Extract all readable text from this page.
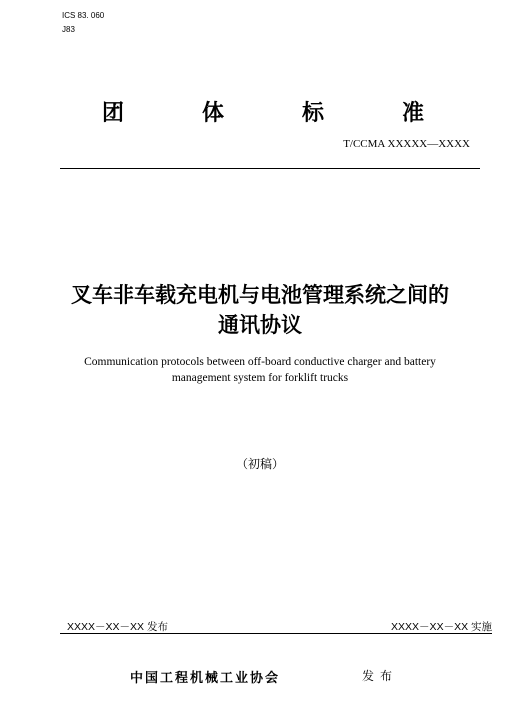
ICS 83. 060
J83
团	体	标	准
T/CCMA XXXXX—XXXX
叉车非车载充电机与电池管理系统之间的
通讯协议
Communication protocols between off-board conductive charger and battery
management system for forklift trucks
（初稿）
XXXX－XX－XX 发布	XXXX－XX－XX 实施
中国工程机械工业协会	发布
